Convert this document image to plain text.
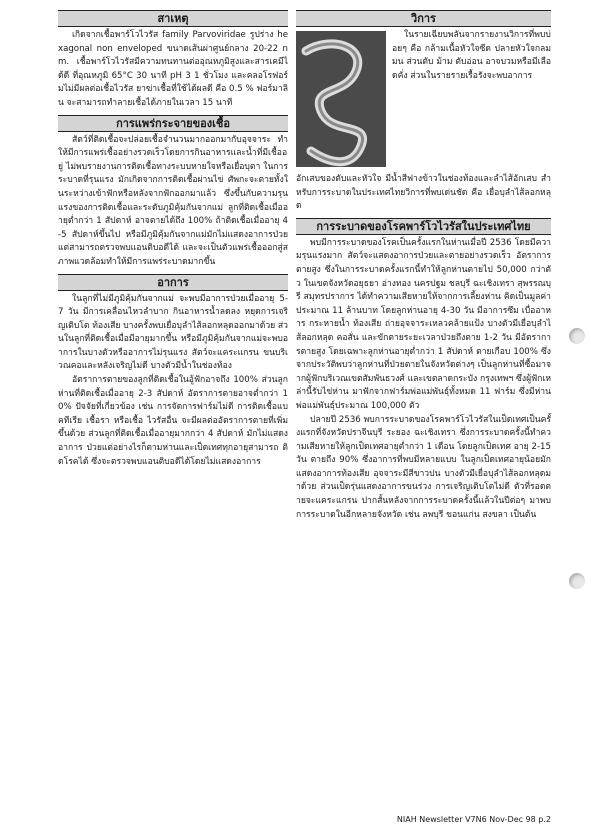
สาเหตุ

เกิดจากเชื้อพาร์โวไวรัส family Parvoviridae รูปร่าง hexagonal non enveloped ขนาดเส้นผ่าศูนย์กลาง 20-22 nm. เชื้อพาร์โวไวรัสมีความทนทานต่ออุณหภูมิสูงและสารเคมีได้ดี ที่อุณหภูมิ 65°C 30 นาที pH 3 1 ชั่วโมง และคลอโรฟอร์มไม่มีผลต่อเชื้อไวรัส ยาฆ่าเชื้อที่ใช้ได้ผลดี คือ 0.5 % ฟอร์มาลิน จะสามารถทำลายเชื้อได้ภายในเวลา 15 นาที

การแพร่กระจายของเชื้อ

สัตว์ที่ติดเชื้อจะปล่อยเชื้อจำนวนมากออกมากับอุจจาระ ทำให้มีการแพร่เชื้ออย่างรวดเร็วโดยการกินอาหารและน้ำที่มีเชื้ออยู่ ไม่พบรายงานการติดเชื้อทางระบบหายใจหรือเยื่อบุตา ในการระบาดที่รุนแรง มักเกิดจากการติดเชื้อผ่านไข่ ศัพกะจะตายทั้งในระหว่างเข้าฟักหรือหลังจากฟักออกมาแล้ว ซึ่งขึ้นกับความรุนแรงของการติดเชื้อและระดับภูมิคุ้มกันจากแม่ ลูกที่ติดเชื้อเมื่ออายุต่ำกว่า 1 สัปดาห์ อาจตายได้ถึง 100% ถ้าติดเชื้อเมื่ออายุ 4-5 สัปดาห์ขึ้นไป หรือมีภูมิคุ้มกันจากแม่มักไม่แสดงอาการป่วย แต่สามารถตรวจพบแอนติบอดีได้ และจะเป็นตัวแพร่เชื้อออกสู่สภาพแวดล้อมทำให้มีการแพร่ระบาดมากขึ้น

อาการ

ในลูกที่ไม่มีภูมิคุ้มกันจากแม่ จะพบมีอาการป่วยเมื่ออายุ 5-7 วัน มีการเคลื่อนไหวลำบาก กินอาหารน้ำลดลง หยุดการเจริญเติบโต ท้องเสีย บางครั้งพบเยื่อบุลำไส้ลอกหลุดออกมาด้วย ส่วนในลูกที่ติดเชื้อเมื่อมีอายุมากขึ้น หรือมีภูมิคุ้มกันจากแม่จะพบอาการในบางตัวหรืออาการไม่รุนแรง สัตว์จะแคระแกรน ขนบริเวณคอและหลังเจริญไม่ดี บางตัวมีน้ำในช่องท้อง

อัตราการตายของลูกที่ติดเชื้อในอู้ฟักอาจถึง 100% ส่วนลูกห่านที่ติดเชื้อเมื่ออายุ 2-3 สัปดาห์ อัตราการตายอาจต่ำกว่า 10% ปัจจัยที่เกี่ยวข้อง เช่น การจัดการฟาร์มไม่ดี การติดเชื้อแบคทีเรีย เชื้อรา หรือเชื้อ ไวรัสอื่น จะมีผลต่ออัตราการตายที่เพิ่มขึ้นด้วย ส่วนลูกที่ติดเชื้อเมื่ออายุมากกว่า 4 สัปดาห์ มักไม่แสดงอาการ ป่วยแต่อย่างไรก็ตามห่านและเป็ดเทศทุกอายุสามารถ ติดโรคได้ ซึ่งจะตรวจพบแอนติบอดีได้โดยไม่แสดงอาการ

วิการ

ในรายเฉียบพลันจากรายงานวิการที่พบบ่อยๆ คือ กล้ามเนื้อหัวใจซีด ปลายหัวใจกลมมน ส่วนตับ ม้าม ตับอ่อน อาจบวมหรือมีเลือดคั่ง ส่วนในรายรายเรื้อรังจะพบอาการ

อักเสบของตับและหัวใจ มีน้ำสีฟางข้าวในช่องท้องและลำไส้อักเสบ สำหรับการระบาดในประเทศไทยวิการที่พบเด่นชัด คือ เยื่อบุลำไส้ลอกหลุด

การระบาดของโรคพาร์โวไวรัสในประเทศไทย

พบมีการระบาดของโรคเป็นครั้งแรกในห่านเมื่อปี 2536 โดยมีความรุนแรงมาก สัตว์จะแสดงอาการป่วยและตายอย่างรวดเร็ว อัตราการตายสูง ซึ่งในการระบาดครั้งแรกนี้ทำให้ลูกห่านตายไป 50,000 กว่าตัว ในเขตจังหวัดอยุธยา อ่างทอง นครปฐม ชลบุรี ฉะเชิงเทรา สุพรรณบุรี สมุทรปราการ ได้ทำความเสียหายให้จากการเลี้ยงห่าน คิดเป็นมูลค่าประมาณ 11 ล้านบาท โดยลูกห่านอายุ 4-30 วัน มีอาการซึม เบื่ออาหาร กระหายน้ำ ท้องเสีย ถ่ายอุจจาระเหลวคล้ายแป้ง บางตัวมีเยื่อบุลำไส้ลอกหลุด คอสั่น และขักตายระยะเวลาป่วยถึงตาย 1-2 วัน มีอัตราการตายสูง โดยเฉพาะลูกห่านอายุต่ำกว่า 1 สัปดาห์ ตายเกือบ 100% ซึ่งจากประวัติพบว่าลูกห่านที่ป่วยตายในจังหวัดต่างๆ เป็นลูกห่านที่ซื้อมาจากผู้ฟักบริเวณเขตสัมพันธวงศ์ และเขตลาดกระบัง กรุงเทพฯ ซึ่งผู้ฟักเหล่านี้รับไข่ห่าน มาฟักจากฟาร์มพ่อแม่พันธุ์ทั้งหมด 11 ฟาร์ม ซึ่งมีห่านพ่อแม่พันธุ์ประมาณ 100,000 ตัว

ปลายปี 2536 พบการระบาดของโรคพาร์โวไวรัสในเป็ดเทศเป็นครั้งแรกที่จังหวัดปราจีนบุรี ระยอง ฉะเชิงเทรา ซึ่งการระบาดครั้งนี้ทำความเสียหายให้ลูกเป็ดเทศอายุต่ำกว่า 1 เดือน โดยลูกเป็ดเทศ อายุ 2-15 วัน ตายถึง 90% ซึ่งอาการที่พบมีหลายแบบ ในลูกเป็ดเทศอายุน้อยมักแสดงอาการท้องเสีย อุจจาระมีสีขาวปน บางตัวมีเยื่อบุลำไส้ลอกหลุดมาด้วย ส่วนเป็ดรุ่นแสดงอาการขนร่วง การเจริญเติบโตไม่ดี ตัวที่รอดตายจะแคระแกรน ปากสั้นหลังจากการระบาดครั้งนี้แล้วในปีต่อๆ มาพบการระบาดในอีกหลายจังหวัด เช่น ลพบุรี ขอนแก่น สงขลา เป็นต้น

NIAH Newsletter V7N6 Nov-Dec 98 p.2
